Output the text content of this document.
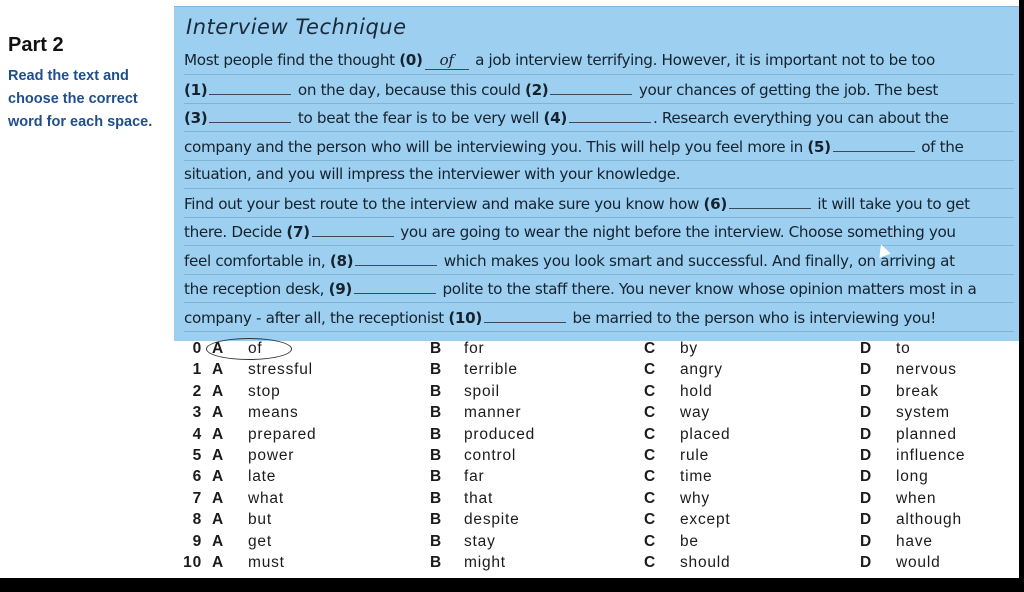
Part 2
Read the text and
choose the correct
word for each space.
Interview Technique
Most people find the thought (0) of a job interview terrifying. However, it is important not to be too
(1)	on the day, because this could (2)	your chances of getting the job. The best
(3)	to beat the fear is to be very well (4)	. Research everything you can about the
company and the person who will be interviewing you. This will help you feel more in (5)	of the
situation, and you will impress the interviewer with your knowledge.
Find out your best route to the interview and make sure you know how (6)	it will take you to get
there. Decide (7)	you are going to wear the night before the interview. Choose something you
feel comfortable in, (8)	which makes you look smart and successful. And finally, on arriving at
the reception desk, (9)	polite to the staff there. You never know whose opinion matters most in a
company - after all, the receptionist (10)	be married to the person who is interviewing you!
0 A of	B for	C by	D to
1 A stressful	B terrible	C angry	D nervous
2 A stop	B spoil	C hold	D break
3 A means	B manner	C way	D system
4 A prepared	B produced	C placed	D planned
5 A power	B control	C rule	D influence
6 A late	B far	C time	D long
7 A what	B that	C why	D when
8 A but	B despite	C except	D although
9 A get	B stay	C be	D have
10 A must	B might	C should	D would
